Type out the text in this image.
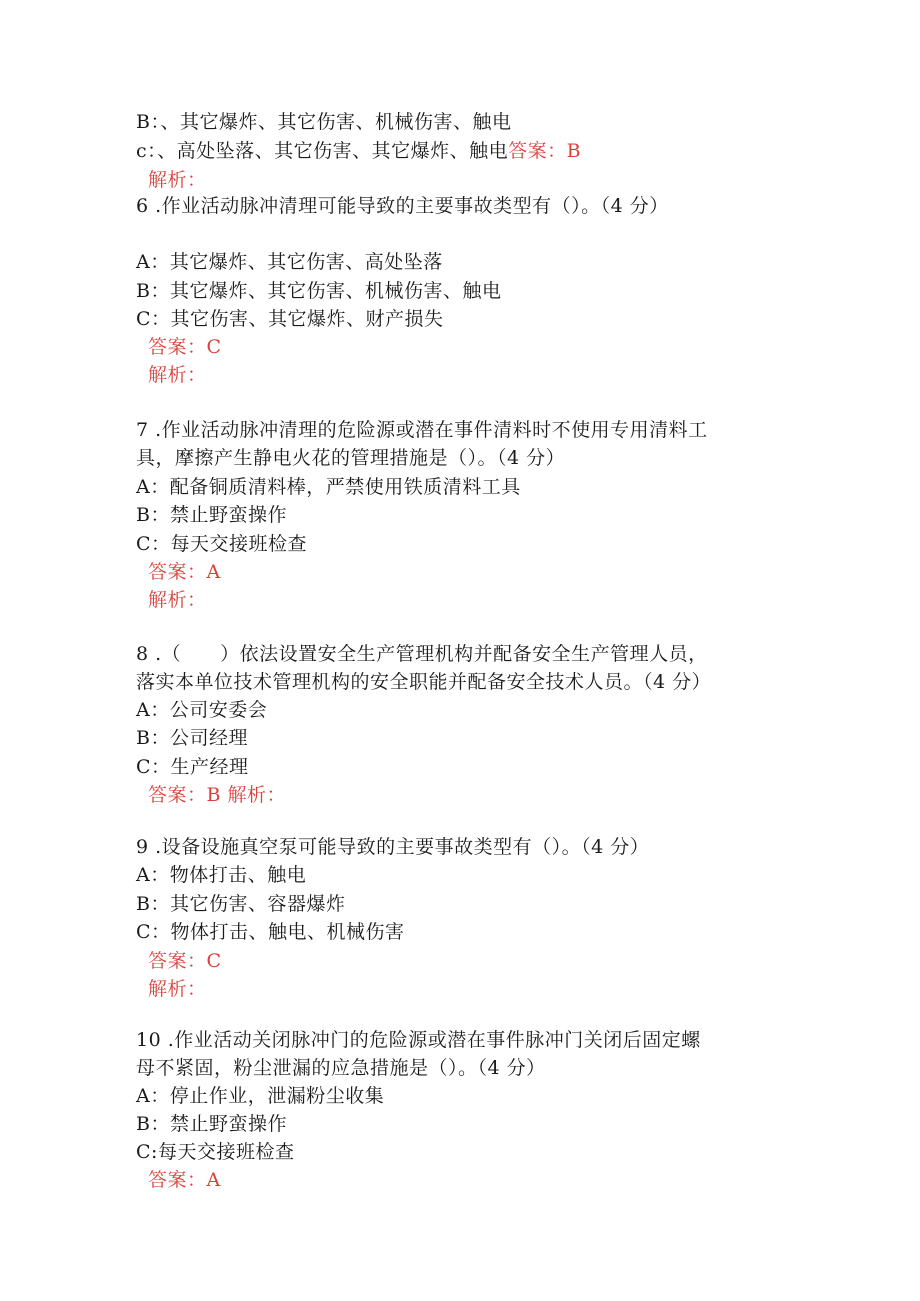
B：、其它爆炸、其它伤害、机械伤害、触电
c：、高处坠落、其它伤害、其它爆炸、触电答案：B
解析：
6 .作业活动脉冲清理可能导致的主要事故类型有（）。（4 分）
A：其它爆炸、其它伤害、高处坠落
B：其它爆炸、其它伤害、机械伤害、触电
C：其它伤害、其它爆炸、财产损失
答案：C
解析：
7 .作业活动脉冲清理的危险源或潜在事件清料时不使用专用清料工
具，摩擦产生静电火花的管理措施是（）。（4 分）
A：配备铜质清料棒，严禁使用铁质清料工具
B：禁止野蛮操作
C：每天交接班检查
答案：A
解析：
8 .（　　）依法设置安全生产管理机构并配备安全生产管理人员，
落实本单位技术管理机构的安全职能并配备安全技术人员。（4 分）
A：公司安委会
B：公司经理
C：生产经理
答案：B 解析：
9 .设备设施真空泵可能导致的主要事故类型有（）。（4 分）
A：物体打击、触电
B：其它伤害、容器爆炸
C：物体打击、触电、机械伤害
答案：C
解析：
10 .作业活动关闭脉冲门的危险源或潜在事件脉冲门关闭后固定螺
母不紧固，粉尘泄漏的应急措施是（）。（4 分）
A：停止作业，泄漏粉尘收集
B：禁止野蛮操作
C:每天交接班检查
答案：A
